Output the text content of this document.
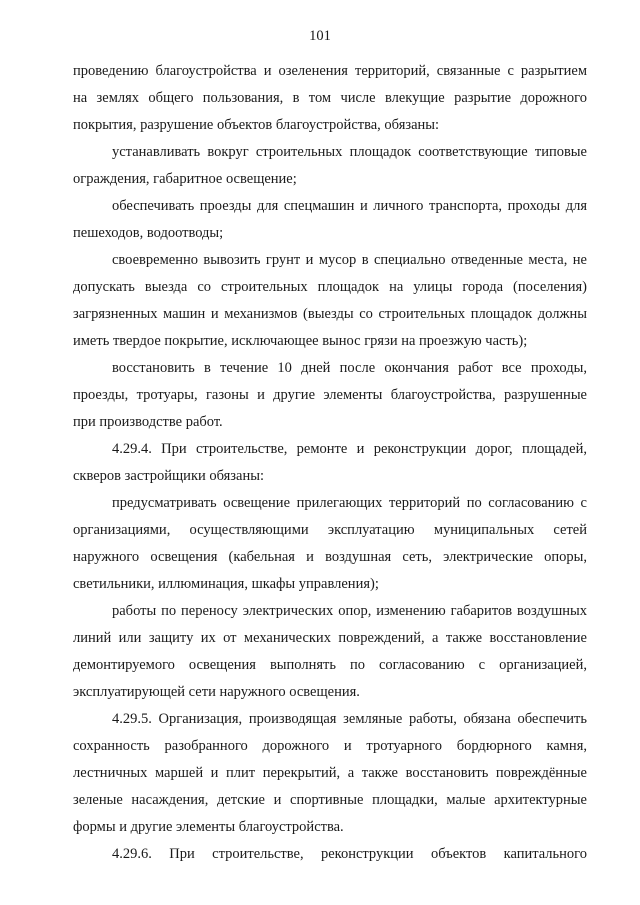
101
проведению благоустройства и озеленения территорий, связанные с разрытием
на землях общего пользования, в том числе влекущие разрытие дорожного
покрытия, разрушение объектов благоустройства, обязаны:
устанавливать вокруг строительных площадок соответствующие типовые
ограждения, габаритное освещение;
обеспечивать проезды для спецмашин и личного транспорта, проходы для
пешеходов, водоотводы;
своевременно вывозить грунт и мусор в специально отведенные места, не
допускать выезда со строительных площадок на улицы города (поселения)
загрязненных машин и механизмов (выезды со строительных площадок должны
иметь твердое покрытие, исключающее вынос грязи на проезжую часть);
восстановить в течение 10 дней после окончания работ все проходы,
проезды, тротуары, газоны и другие элементы благоустройства, разрушенные
при производстве работ.
4.29.4. При строительстве, ремонте и реконструкции дорог, площадей,
скверов застройщики обязаны:
предусматривать освещение прилегающих территорий по согласованию с
организациями, осуществляющими эксплуатацию муниципальных сетей
наружного освещения (кабельная и воздушная сеть, электрические опоры,
светильники, иллюминация, шкафы управления);
работы по переносу электрических опор, изменению габаритов воздушных
линий или защиту их от механических повреждений, а также восстановление
демонтируемого освещения выполнять по согласованию с организацией,
эксплуатирующей сети наружного освещения.
4.29.5. Организация, производящая земляные работы, обязана обеспечить
сохранность разобранного дорожного и тротуарного бордюрного камня,
лестничных маршей и плит перекрытий, а также восстановить повреждённые
зеленые насаждения, детские и спортивные площадки, малые архитектурные
формы и другие элементы благоустройства.
4.29.6. При строительстве, реконструкции объектов капитального
